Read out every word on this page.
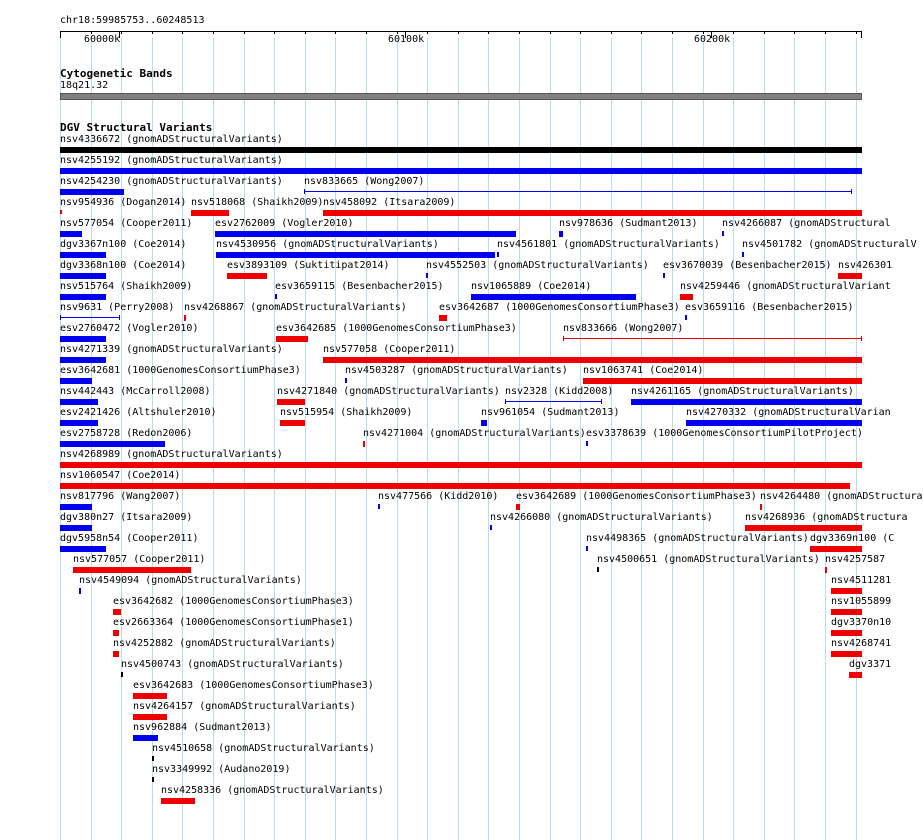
chr18:59985753..60248513
60000k	60100k	60200k
Cytogenetic Bands
18q21.32
DGV Structural Variants
nsv4336672 (gnomADStructuralVariants)
nsv4255192 (gnomADStructuralVariants)
nsv4254230 (gnomADStructuralVariants) nsv833665 (Wong2007)
nsv954936 (Dogan2014) nsv518068 (Shaikh2009) nsv458092 (Itsara2009)
nsv577054 (Cooper2011) esv2762009 (Vogler2010)	nsv978636 (Sudmant2013) nsv4266087 (gnomADStructural
dgv3367n100 (Coe2014)	nsv4530956 (gnomADStructuralVariants)	nsv4561801 (gnomADStructuralVariants) nsv4501782 (gnomADStructuralV
dgv3368n100 (Coe2014)	esv3893109 (Suktitipat2014)	nsv4552503 (gnomADStructuralVariants) esv3670039 (Besenbacher2015) nsv426301
nsv515764 (Shaikh2009)	esv3659115 (Besenbacher2015)	nsv1065889 (Coe2014)	nsv4259446 (gnomADStructuralVariant
nsv9631 (Perry2008) nsv4268867 (gnomADStructuralVariants)	esv3642687 (1000GenomesConsortiumPhase3) esv3659116 (Besenbacher2015)
esv2760472 (Vogler2010)	esv3642685 (1000GenomesConsortiumPhase3)	nsv833666 (Wong2007)
nsv4271339 (gnomADStructuralVariants)	nsv577058 (Cooper2011)
esv3642681 (1000GenomesConsortiumPhase3)	nsv4503287 (gnomADStructuralVariants) nsv1063741 (Coe2014)
nsv442443 (McCarroll2008)	nsv4271840 (gnomADStructuralVariants) nsv2328 (Kidd2008) nsv4261165 (gnomADStructuralVariants)
esv2421426 (Altshuler2010)	nsv515954 (Shaikh2009)	nsv961054 (Sudmant2013)	nsv4270332 (gnomADStructuralVarian
esv2758728 (Redon2006)	nsv4271004 (gnomADStructuralVariants) esv3378639 (1000GenomesConsortiumPilotProject)
nsv4268989 (gnomADStructuralVariants)
nsv1060547 (Coe2014)
nsv817796 (Wang2007)	nsv477566 (Kidd2010) esv3642689 (1000GenomesConsortiumPhase3) nsv4264480 (gnomADStructura
dgv380n27 (Itsara2009)	nsv4266080 (gnomADStructuralVariants)	nsv4268936 (gnomADStructura
dgv5958n54 (Cooper2011)	nsv4498365 (gnomADStructuralVariants) dgv3369n100 (C
nsv577057 (Cooper2011)	nsv4500651 (gnomADStructuralVariants) nsv4257587
nsv4549094 (gnomADStructuralVariants)	nsv4511281
esv3642682 (1000GenomesConsortiumPhase3)	nsv1055899
esv2663364 (1000GenomesConsortiumPhase1)	dgv3370n10
nsv4252882 (gnomADStructuralVariants)	nsv4268741
nsv4500743 (gnomADStructuralVariants)	dgv3371
esv3642683 (1000GenomesConsortiumPhase3)
nsv4264157 (gnomADStructuralVariants)
nsv962884 (Sudmant2013)
nsv4510658 (gnomADStructuralVariants)
nsv3349992 (Audano2019)
nsv4258336 (gnomADStructuralVariants)
